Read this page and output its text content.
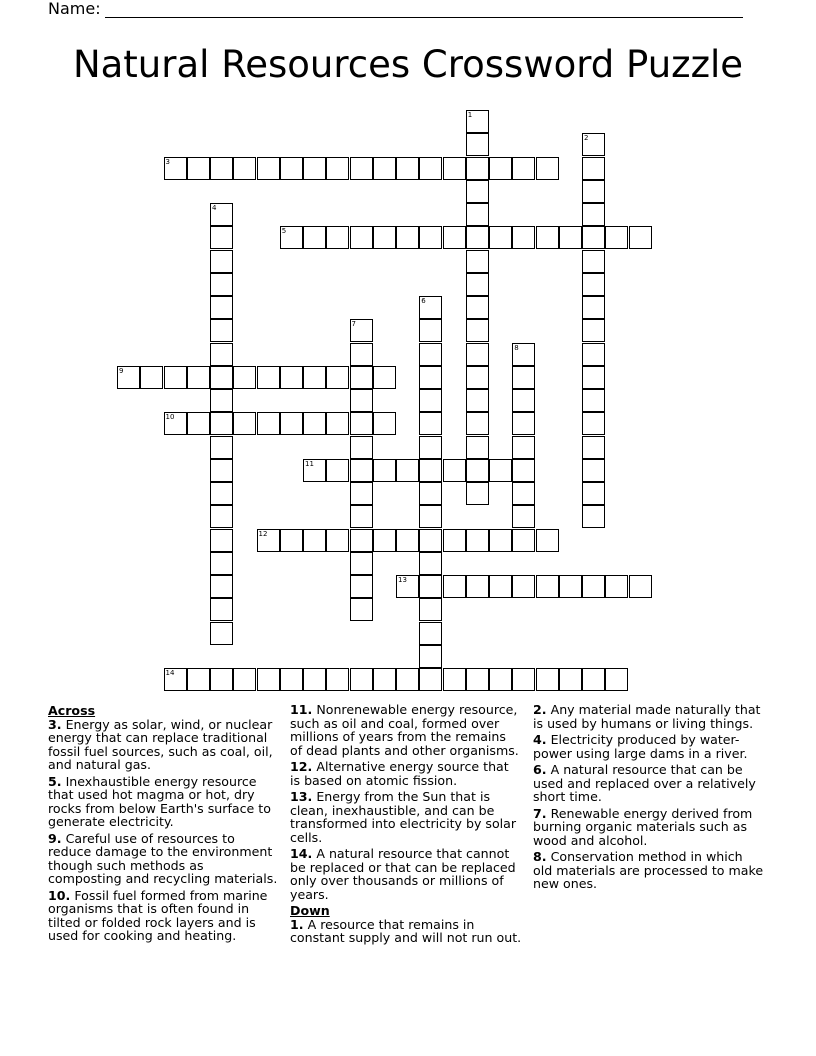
Name:
Natural Resources Crossword Puzzle
1
2
3
4
5
6
7
8
9
10
11
12
13
14
Across

3. Energy as solar, wind, or nuclear energy that can replace traditional fossil fuel sources, such as coal, oil, and natural gas.

5. Inexhaustible energy resource that used hot magma or hot, dry rocks from below Earth's surface to generate electricity.

9. Careful use of resources to reduce damage to the environment though such methods as composting and recycling materials.

10. Fossil fuel formed from marine organisms that is often found in tilted or folded rock layers and is used for cooking and heating.

11. Nonrenewable energy resource, such as oil and coal, formed over millions of years from the remains of dead plants and other organisms.

12. Alternative energy source that is based on atomic fission.

13. Energy from the Sun that is clean, inexhaustible, and can be transformed into electricity by solar cells.

14. A natural resource that cannot be replaced or that can be replaced only over thousands or millions of years.

Down

1. A resource that remains in constant supply and will not run out.

2. Any material made naturally that is used by humans or living things.

4. Electricity produced by water-power using large dams in a river.

6. A natural resource that can be used and replaced over a relatively short time.

7. Renewable energy derived from burning organic materials such as wood and alcohol.

8. Conservation method in which old materials are processed to make new ones.
